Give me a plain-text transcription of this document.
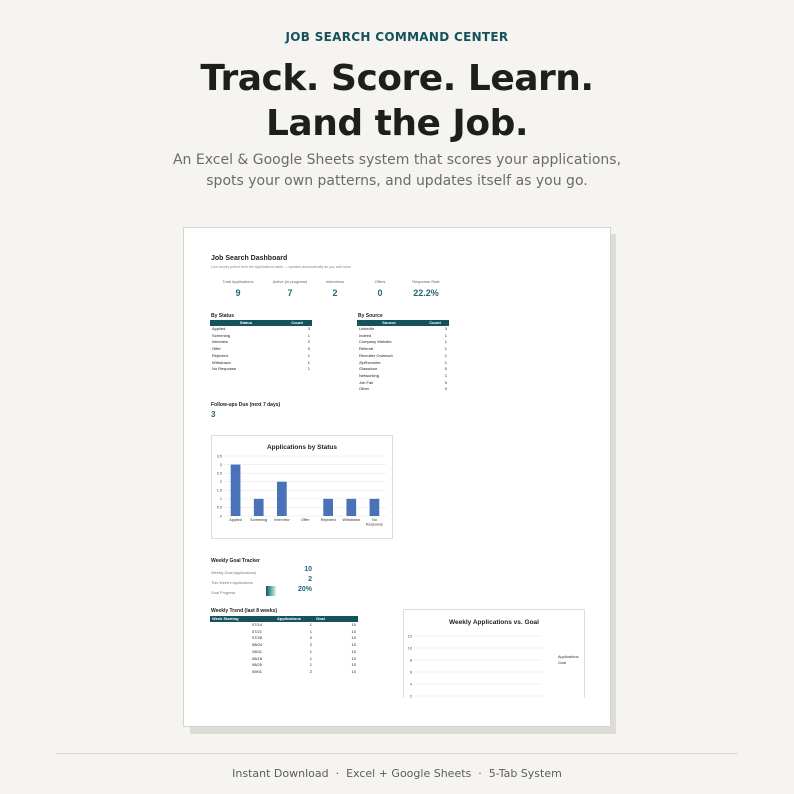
JOB SEARCH COMMAND CENTER
Track. Score. Learn.
Land the Job.
An Excel & Google Sheets system that scores your applications,
spots your own patterns, and updates itself as you go.
Job Search Dashboard
Live counts pulled from the Applications table — updates automatically as you add rows.
Total Applications
9
Active (in progress)
7
Interviews
2
Offers
0
Response Rate
22.2%
By Status
Status	Count
Applied	3
Screening	1
Interview	2
Offer	0
Rejected	1
Withdrawn	1
No Response	1
By Source
Source	Count
LinkedIn	3
Indeed	1
Company Website	1
Referral	1
Recruiter Outreach	1
ZipRecruiter	1
Glassdoor	0
Networking	1
Job Fair	0
Other	0
Follow-ups Due (next 7 days)
3
Applications by Status
0
0.5
1
1.5
2
2.5
3
3.5
Applied Screening Interview	Offer	Rejected Withdrawn	No
Response
Weekly Goal Tracker
Weekly Goal (applications)	10
This Week's Applications	2
Goal Progress	20%
Weekly Trend (last 8 weeks)
Week Starting	Applications	Goal
07/14	1	10
07/21	1	10
07/28	0	10
08/04	2	10
08/11	1	10
08/18	1	10
08/25	1	10
09/01	2	10
Weekly Applications vs. Goal
2
4
6
8
10
12
Applications
Goal
Instant Download  ·  Excel + Google Sheets  ·  5-Tab System
